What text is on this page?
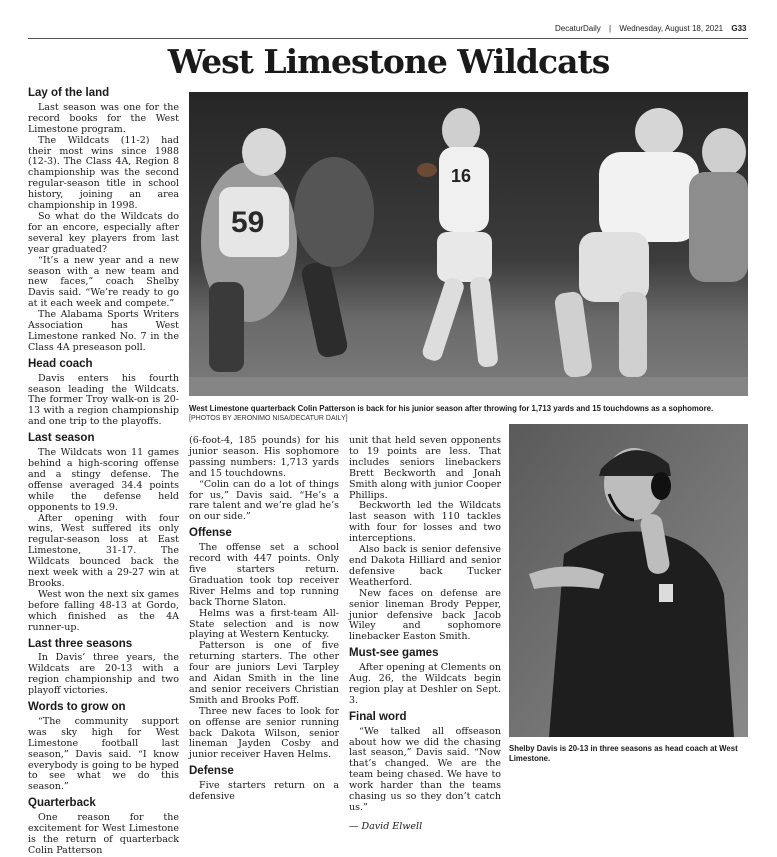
DecaturDaily | Wednesday, August 18, 2021 G33
West Limestone Wildcats
Lay of the land

Last season was one for the record books for the West Limestone program.

The Wildcats (11-2) had their most wins since 1988 (12-3). The Class 4A, Region 8 championship was the second regular-season title in school history, joining an area championship in 1998.

So what do the Wildcats do for an encore, especially after several key players from last year graduated?

“It’s a new year and a new season with a new team and new faces,” coach Shelby Davis said. “We’re ready to go at it each week and compete.”

The Alabama Sports Writers Association has West Limestone ranked No. 7 in the Class 4A preseason poll.

Head coach

Davis enters his fourth season leading the Wildcats. The former Troy walk-on is 20-13 with a region championship and one trip to the playoffs.

Last season

The Wildcats won 11 games behind a high-scoring offense and a stingy defense. The offense averaged 34.4 points while the defense held opponents to 19.9.

After opening with four wins, West suffered its only regular-season loss at East Limestone, 31-17. The Wildcats bounced back the next week with a 29-27 win at Brooks.

West won the next six games before falling 48-13 at Gordo, which finished as the 4A runner-up.

Last three seasons

In Davis’ three years, the Wildcats are 20-13 with a region championship and two playoff victories.

Words to grow on

“The community support was sky high for West Limestone football last season,” Davis said. “I know everybody is going to be hyped to see what we do this season.”

Quarterback

One reason for the excitement for West Limestone is the return of quarterback Colin Patterson

59
16
West Limestone quarterback Colin Patterson is back for his junior season after throwing for 1,713 yards and 15 touchdowns as a sophomore.
[PHOTOS BY JERONIMO NISA/DECATUR DAILY]

(6-foot-4, 185 pounds) for his junior season. His sophomore passing numbers: 1,713 yards and 15 touchdowns.

“Colin can do a lot of things for us,” Davis said. “He’s a rare talent and we’re glad he’s on our side.”

Offense

The offense set a school record with 447 points. Only five starters return. Graduation took top receiver River Helms and top running back Thorne Slaton.

Helms was a first-team All-State selection and is now playing at Western Kentucky.

Patterson is one of five returning starters. The other four are juniors Levi Tarpley and Aidan Smith in the line and senior receivers Christian Smith and Brooks Poff.

Three new faces to look for on offense are senior running back Dakota Wilson, senior lineman Jayden Cosby and junior receiver Haven Helms.

Defense

Five starters return on a defensive

unit that held seven opponents to 19 points are less. That includes seniors linebackers Brett Beckworth and Jonah Smith along with junior Cooper Phillips.

Beckworth led the Wildcats last season with 110 tackles with four for losses and two interceptions.

Also back is senior defensive end Dakota Hilliard and senior defensive back Tucker Weatherford.

New faces on defense are senior lineman Brody Pepper, junior defensive back Jacob Wiley and sophomore linebacker Easton Smith.

Must-see games

After opening at Clements on Aug. 26, the Wildcats begin region play at Deshler on Sept. 3.

Final word

“We talked all offseason about how we did the chasing last season,” Davis said. “Now that’s changed. We are the team being chased. We have to work harder than the teams chasing us so they don’t catch us.”

— David Elwell

Shelby Davis is 20-13 in three seasons as head coach at West Limestone.
